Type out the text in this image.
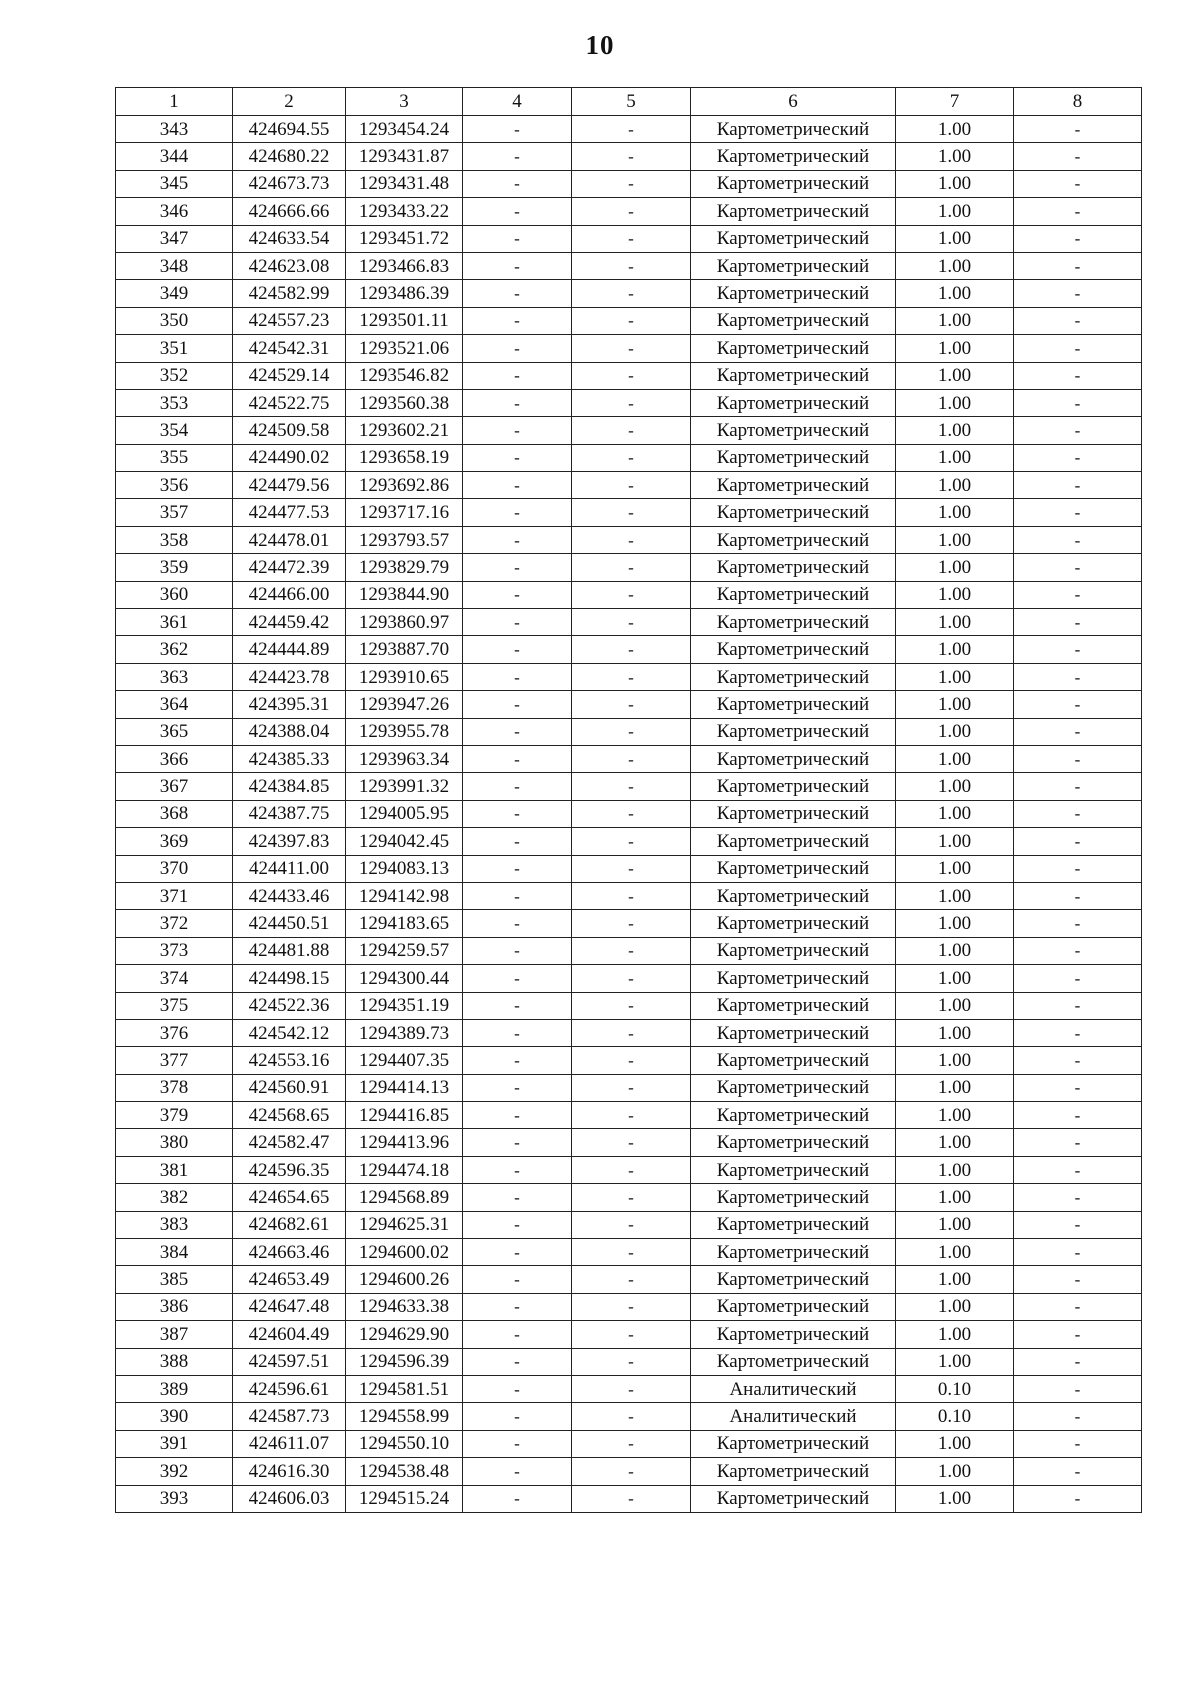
10
1	2	3	4	5	6	7	8
343	424694.55	1293454.24	-	-	Картометрический	1.00	-
344	424680.22	1293431.87	-	-	Картометрический	1.00	-
345	424673.73	1293431.48	-	-	Картометрический	1.00	-
346	424666.66	1293433.22	-	-	Картометрический	1.00	-
347	424633.54	1293451.72	-	-	Картометрический	1.00	-
348	424623.08	1293466.83	-	-	Картометрический	1.00	-
349	424582.99	1293486.39	-	-	Картометрический	1.00	-
350	424557.23	1293501.11	-	-	Картометрический	1.00	-
351	424542.31	1293521.06	-	-	Картометрический	1.00	-
352	424529.14	1293546.82	-	-	Картометрический	1.00	-
353	424522.75	1293560.38	-	-	Картометрический	1.00	-
354	424509.58	1293602.21	-	-	Картометрический	1.00	-
355	424490.02	1293658.19	-	-	Картометрический	1.00	-
356	424479.56	1293692.86	-	-	Картометрический	1.00	-
357	424477.53	1293717.16	-	-	Картометрический	1.00	-
358	424478.01	1293793.57	-	-	Картометрический	1.00	-
359	424472.39	1293829.79	-	-	Картометрический	1.00	-
360	424466.00	1293844.90	-	-	Картометрический	1.00	-
361	424459.42	1293860.97	-	-	Картометрический	1.00	-
362	424444.89	1293887.70	-	-	Картометрический	1.00	-
363	424423.78	1293910.65	-	-	Картометрический	1.00	-
364	424395.31	1293947.26	-	-	Картометрический	1.00	-
365	424388.04	1293955.78	-	-	Картометрический	1.00	-
366	424385.33	1293963.34	-	-	Картометрический	1.00	-
367	424384.85	1293991.32	-	-	Картометрический	1.00	-
368	424387.75	1294005.95	-	-	Картометрический	1.00	-
369	424397.83	1294042.45	-	-	Картометрический	1.00	-
370	424411.00	1294083.13	-	-	Картометрический	1.00	-
371	424433.46	1294142.98	-	-	Картометрический	1.00	-
372	424450.51	1294183.65	-	-	Картометрический	1.00	-
373	424481.88	1294259.57	-	-	Картометрический	1.00	-
374	424498.15	1294300.44	-	-	Картометрический	1.00	-
375	424522.36	1294351.19	-	-	Картометрический	1.00	-
376	424542.12	1294389.73	-	-	Картометрический	1.00	-
377	424553.16	1294407.35	-	-	Картометрический	1.00	-
378	424560.91	1294414.13	-	-	Картометрический	1.00	-
379	424568.65	1294416.85	-	-	Картометрический	1.00	-
380	424582.47	1294413.96	-	-	Картометрический	1.00	-
381	424596.35	1294474.18	-	-	Картометрический	1.00	-
382	424654.65	1294568.89	-	-	Картометрический	1.00	-
383	424682.61	1294625.31	-	-	Картометрический	1.00	-
384	424663.46	1294600.02	-	-	Картометрический	1.00	-
385	424653.49	1294600.26	-	-	Картометрический	1.00	-
386	424647.48	1294633.38	-	-	Картометрический	1.00	-
387	424604.49	1294629.90	-	-	Картометрический	1.00	-
388	424597.51	1294596.39	-	-	Картометрический	1.00	-
389	424596.61	1294581.51	-	-	Аналитический	0.10	-
390	424587.73	1294558.99	-	-	Аналитический	0.10	-
391	424611.07	1294550.10	-	-	Картометрический	1.00	-
392	424616.30	1294538.48	-	-	Картометрический	1.00	-
393	424606.03	1294515.24	-	-	Картометрический	1.00	-
